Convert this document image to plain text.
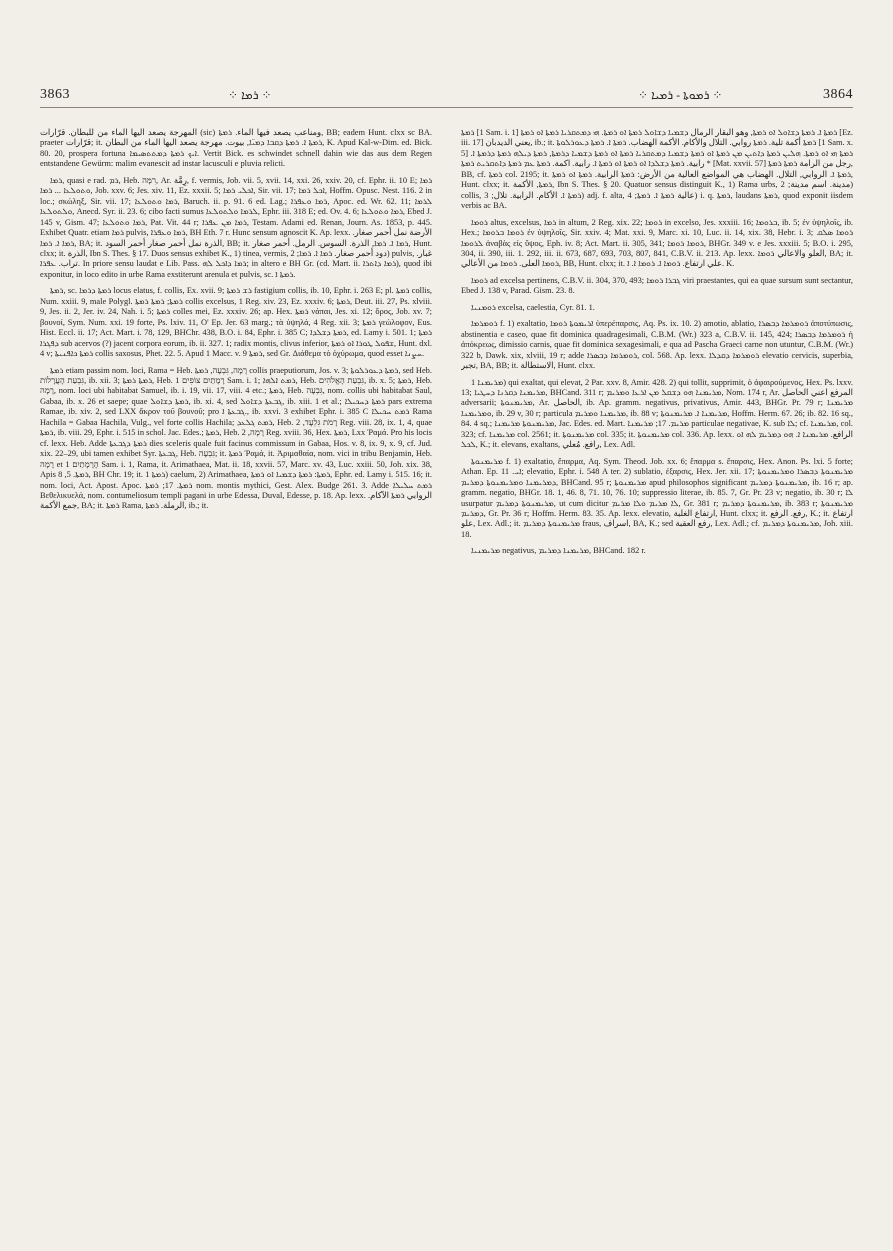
3863	⁘ ܪܡܐ ⁘	⁘ ܪܡܘܬܐ - ܪܡܝܐ ⁘	3864

المهرجة يصعد اليها الماء من للبطان. قرّارات (sic) ومناعب يصعد فيها الماء. ܪܡܬܐ, BB; eadem Hunt. clxx sc BA. praeter قرّارات; it. ܪܡܬܐ ܐ. ܪܡܬܐ ܕܩܒܐ ܕܡܝ̈ܐ, بيوت. مهرجة يصعد اليها الماء من البطان, K. Apud Kal-w-Dim. ed. Bick. 80. 20, prospera fortuna ܐܝܟ ܪܡܬܐ ܕܡܬܬܣܝܡܐ. Vertit Bick. es schwindet schnell dahin wie das aus dem Regen entstandene Gewürm: malim evanescit ad instar lacusculi e pluvia relicti.

ܪܡܐ, quasi e rad. ܪܡ, Heb. רִמָּה, Ar. رِمَّة, f. vermis, Job. vii. 5, xvii. 14, xxi. 26, xxiv. 20, cf. Ephr. ii. 10 E; ܪܡܐ ܘܬܘܠܥܐ ... ܪܡܐ, Job. xxv. 6; Jes. xiv. 11, Ez. xxxii. 5; ܐܟܠܝ ܪܡܐ, Sir. vii. 17; ܐܟܠ ܪܡܐ, Hoffm. Opusc. Nest. 116. 2 in loc.; σκώληξ, Sir. vii. 17; ܪܡܐ ܘܬܘܠܥܐ, Baruch. ii. p. 91. 6 ed. Lag.; ܪܡܐ ܘܥܦܪܐ, Apoc. ed. Wr. 62. 11; ܠܪܡܐ ܘܠܬܘܠܥܐ, Anecd. Syr. ii. 23. 6; cibo facti sumus ܠܪܡܐ ܘܠܬܘܠܥܐ, Ephr. iii. 318 E; ed. Ov. 4. 6; ܪܡܐ ܘܬܘܠܥܐ, Ebed J. 145 v, Gism. 47; ܪܡܐ ܘܬܘܠܥܐ, Pat. Vit. 44 r; ܪܡܐ ܡܢ ܥܦܪܐ, Testam. Adami ed. Renan, Journ. As. 1853, p. 445. Exhibet Quatr. etiam ܪܡܐ pulvis, ܪܡܐ ܘܥܦܪܐ, BH Eth. 7 r. Hunc sensum agnoscit K. Ap. lexx. الأرضة نمل أحمر صغار. ܪܡܐ ܐ. ܪܡܐ, BA; it. الذرة نمل أحمر صغار أحمر السود, BB; it. ܪܡܐ ܐ. ܪܡܐ, الذرة. السوس. الرمل. أحمر صغار, Hunt. clxx; it. الذرة, Ibn S. Thes. § 17. Duos sensus exhibet K., 1) tinea, vermis, دود أحمر صغار. ܪܡܐ ܐ. ܪܡܐ; 2) pulvis, غبار. تراب. ܥܦܪܐ. In priore sensu laudat e Lib. Pass. ܪܡܐ ܕܐܟܠ ܠܗ; in altero e BH Gr. (cd. Mart. ii. ܪܡܐ ܕܐܬܪܐ), quod ibi exponitur, in loco edito in urbe Rama exstiterunt arenula et pulvis, sc. ܪܡܬܐ ܐ.

ܪܡܬܐ, sc. ܪܡܬܐ ܕܪܡܐ locus elatus, f. collis, Ex. xvii. 9; ܪܫ ܪܡܬܐ fastigium collis, ib. 10, Ephr. i. 263 E; pl. ܪܡܬܐ collis, Num. xxiii. 9, male Polygl. ܪܡܬܐ; ܪܡܬܐ ܪܡܬܐ collis excelsus, 1 Reg. xiv. 23, Ez. xxxiv. 6; ܪܡܬܐ, Deut. iii. 27, Ps. xlviii. 9, Jes. ii. 2, Jer. iv. 24, Nah. i. 5; ܪܡܬܐ colles mei, Ez. xxxiv. 26; ap. Hex. ܪܡܬܐ νάπαι, Jes. xi. 12; ὄρος, Job. xv. 7; βουνοί, Sym. Num. xxi. 19 forte, Ps. lxiv. 11, O' Ep. Jer. 63 marg.; τὰ ὑψηλά, 4 Reg. xii. 3; ܪܡܬܐ γεώλοφον, Eus. Hist. Eccl. ii. 17; Act. Mart. i. 78, 129, BHChr. 438, B.O. i. 84, Ephr. i. 385 C; ܪܡܬܐ ܕܫܠܕܐ, ed. Lamy i. 501. 1; ܪܡܬܐ ܕܦܓܪܐ sub acervos (?) jacent corpora eorum, ib. ii. 327. 1; radix montis, clivus inferior, ܫܦܘܠ ܛܘܪܐ ܐܘ ܪܡܬܐ, Hunt. dxl. 4 v; ܪܡܬܐ ܟܐܦܢܝܬܐ collis saxosus, Phet. 22. 5. Apud 1 Macc. v. 9 ܪܡܬܐ, sed Gr. Διάθεμα τὸ ὀχύρωμα, quod esset ܚܨܢܐ.

ܪܡܬܐ etiam passim nom. loci, Rama = Heb. רָמָה, גִּבְעָה, ܪܡܬܐ collis praeputiorum, Jos. v. 3; ܪܡܬܐ ܕܥܘܪܠܘܬܐ, sed Heb. גִּבְעַת הָעֲרָלוֹת, ib. xii. 3; ܪܡܬܐ ܪܡܬܐ, Heb. רָמָתַיִם צוֹפִים 1 Sam. i. 1; ܪܡܬ ܐܠܗܐ, Heb. גִּבְעַת הָאֱלֹהִים, ib. x. 5; ܪܡܬܐ, Heb. רָמָה, nom. loci ubi habitabat Samuel, ib. i. 19, vii. 17, viii. 4 etc.; ܪܡܬܐ, Heb. גִּבְעָה, nom. collis ubi habitabat Saul, Gabaa, ib. x. 26 et saepe; quae ܪܡܬܐ ܕܫܐܘܠ, ib. xi. 4, sed ܓܒܥܬܐ ܕܫܐܘܠ, ib. xiii. 1 et al.; ܪܡܬܐ ܕܚܟܝܠܐ pars extrema Ramae, ib. xiv. 2, sed LXX ἄκρον τοῦ βουνοῦ; pro ܓܒܥܬܐ ܐ., ib. xxvi. 3 exhibet Ephr. i. 385 C ܪܡܬ ܚܟܝܠܐ Rama Hachila = Gabaa Hachila, Vulg., vel forte collis Hachila; ܪܡܬ ܓܠܥܕ, Heb. רָמֹת גִּלְעָד, 2 Reg. viii. 28, ix. 1, 4, quae ܪܡܬܐ, ib. viii. 29, Ephr. i. 515 in schol. Jac. Edes.; ܪܡܬܐ, Heb. רָמָה, 2 Reg. xviii. 36, Hex. ܪܡܬܐ, Lxx Ῥαμά. Pro his locis cf. lexx. Heb. Adde ܪܡܬܐ ܕܓܒܥܬܐ dies sceleris quale fuit facinus commissum in Gabaa, Hos. v. 8, ix. 9, x. 9, cf. Jud. xix. 22–29, ubi tamen exhibet Syr. ܓܒܥܬܐ, Heb. גִּבְעָה; it. ܪܡܬܐ Ῥαμά, it. Ἀριμαθαία, nom. vici in tribu Benjamin, Heb. רָמָה et הָרָמָתַיִם 1 Sam. i. 1, Rama, it. Arimathaea, Mat. ii. 18, xxvii. 57, Marc. xv. 43, Luc. xxiii. 50, Joh. xix. 38, Apis ܪܡܬܐ. 5, 8, BH Chr. 19; it. ܪܡܬܐ 1) caelum, 2) Arimathaea, ܪܡܬܐ: ܪܡܬܐ ܕܫܡܝܐ ܐܘ ܪܡܬܐ, Ephr. ed. Lamy i. 515. 16; it. nom. loci, Act. Apost. Apoc. ܪܡܬܐ. 17; ܪܡܬܐ nom. montis mythici, Gest. Alex. Budge 261. 3. Adde ܪܡܬ ܚܠܝܠܐ Βεθελικυελά, nom. contumeliosum templi pagani in urbe Edessa, Duval, Edesse, p. 18. Ap. lexx. الروابي ܪܡܬܐ الآكام. جمع الأكمة, BA; it. ܪܡܬܐ Rama, الرملة. ܪܡܬܐ, ib.; it.

ܪܡܬܐ [1 Sam. i. 1] ܪܡܬܐ ܐ. ܪܡܬܐ ܕܫܐܘܠ ܐܘ ܪܡܬܐ, وهو البقار الرمال ܕܫܡܝܐ ܕܫܐܘܠ ܪܡܬܐ ܐܘ ܪܡܬܐ. ܗܝ ܕܡܬܩܪܝܐ ܪܡܬܐ ܐܘ ܪܡܬܐ [Ez. iii. 17] يعني الديدبان, ib.; it. ܪܡܬܐ أكمة تلية. ܪܡܬܐ روابي. التلال والأكام. الأكمة الهضاب. ܪܡܬܐ ܐ. ܪܡܬܐ ܕܥܘܪܠܘܬܐ [1 Sam. x. 5] ܪܡܬܐ ܗܝ ܐܘ ܪܡܬܐ. ܗܠܝܢ ܪܡܬܐ ܕܐܬܝܢ ܡܢ ܪܡܬܐ ܐܘ ܪܡܬܐ ܕܫܡܝܐ ܕܡܬܩܪܝܐ ܪܡܬܐ ܐܘ ܪܡܬܐ ܕܫܡܝܐ ܕܪܡܬܐ, ܪܡܬܐ ܕܝܠܗ ܪܡܬܐ ܕܪܡܬܐ ܐ. رابية. ܪܡܬܐ ܕܫܠܕܐ ܐܘ ܪܡܬܐ ܐܘ ܪܡܬܐ ܐ. رابية. اكمة. ܪܡܬܐ ܥܡ ܪܡܬܐ ܕܐܬܩܪܝܬ ܪܡܬܐ * [Mat. xxvii. 57] رجل من الرامة ܪܡܬܐ ܪܡܬܐ, BB, cf. ܪܡܬܐ col. 2195; it. ܪܡܬܐ ܐ. الروابي, التلال. الهضاب هي المواضع العالية من الأرض: ܪܡܬܐ الرابية. ܪܡܬܐ ܐܘ ܪܡܬܐ, Hunt. clxx; it. ܪܡܬܐ, الأكمة, Ibn S. Thes. § 20. Quatuor sensus distinguit K., 1) Rama urbs, مدينة. اسم مدينة; 2) collis, ܪܡܬܐ ܐ. الأكام. الرابية. تلال; 3) adj. f. alta, عالية ܪܡܬܐ ܐ. ܪܡܬܐ; 4) i. q. ܪܡܬܐ, laudans ܪܡܬܐ, quod exponit iisdem verbis ac BA.

ܪܘܡܐ altus, excelsus, ܪܡܐ in altum, 2 Reg. xix. 22; ܪܘܡܐ in excelso, Jes. xxxiii. 16; ܒܪܘܡܐ, ib. 5; ἐν ὑψηλοῖς, ib. Hex.; ܪܘܡܐ ܒܪܘܡܐ ἐν ὑψηλοῖς, Sir. xxiv. 4; Mat. xxi. 9, Marc. xi. 10, Luc. ii. 14, xix. 38, Hebr. i. 3; ܪܘܡܐ ܣܠܩ ܠܪܘܡܐ ἀναβὰς εἰς ὕψος, Eph. iv. 8; Act. Mart. ii. 305, 341; ܪܘܡܐ ܪܘܡܐ, BHGr. 349 v. e Jes. xxxiii. 5; B.O. i. 295, 304, ii. 390, iii. 1. 292, iii. ii. 673, 687, 693, 703, 807, 841, C.B.V. ii. 213. Ap. lexx. العلو والاعالي ܪܘܡܐ, BA; it. ܪܘܡܐ العلى. ܪܘܡܐ من الأعالي, BB, Hunt. clxx; it. علي ارتفاع. ܪܘܡܐ ܐ. ܪܘܡܐ ܐ. ܐ. K.

ܪܘܡܐ ad excelsa pertinens, C.B.V. ii. 304, 370, 493; ܓܒܪܐ ܪܘܡܐ viri praestantes, qui ea quae sursum sunt sectantur, Ebed J. 138 v, Parad. Gism. 23. 8.

ܪܘܡܢܝܐ excelsa, caelestia, Cyr. 81. 1.

ܪܘܡܪܡܐ f. 1) exaltatio, ܐܪܝܡܘܬܐ ܪܘܡܐ ὑπερέπαρσις, Aq. Ps. ix. 10. 2) amotio, ablatio, ܪܘܡܪܡܐ ܕܒܣܪܐ ἀποτύπωσις, abstinentia e caseo, quae fit dominica quadragesimali, C.B.M. (Wr.) 323 a, C.B.V. ii. 145, 424; ܪܘܡܪܡܐ ܕܒܣܪܐ ἡ ἀπόκρεως, dimissio carnis, quae fit dominica sexagesimali, e qua ad Pascha Graeci carne non utuntur, C.B.M. (Wr.) 322 b, Dawk. xix, xlviii, 19 r; adde ܪܘܡܪܡܐ ܕܒܣܪܐ, col. 568. Ap. lexx. ܪܘܡܪܡܐ ܕܩܕܠܐ elevatio cervicis, superbia, تجبر, BA, BB; it. الاستطالة, Hunt. clxx.

ܡܪܝܡܢܐ 1) qui exaltat, qui elevat, 2 Par. xxv. 8, Amir. 428. 2) qui tollit, supprimit, ὁ ἀφαιρούμενος, Hex. Ps. lxxv. 13; ܡܪܝܡܢܐ ܕܩܪܢܐ ܕܚܛܝܐ, BHCand. 311 r; ܡܪܝܡܢܐ ܗܘ ܕܫܩܠ ܡܢ ܐܪܥܐ ܘܡܪܝܡ, Nom. 174 r, Ar. المرفع اعني الحاصل adversarii; ܡܪܝܡܢܘܬܐ, Ar. الحاصل, ib. Ap. gramm. negativus, privativus, Amir. 443, BHGr. Pr. 79 r; ܡܪܝܡܢܐ ܘܡܪܝܡܢܐ, ib. 29 v, 30 r; particula ܡܪܝܡܢܐ ܘܡܪܝܡ, ib. 88 v; ܡܪܝܡܢܐ ܐ. ܡܪܝܡܢܘܬܐ, Hoffm. Herm. 67. 26; ib. 82. 16 sq., 84. 4 sq.; ܡܪܝܡܢܘܬܐ ܡܪܝܡܢܐ, Jac. Edes. ed. Mart. ܡܪܝܡ. 17; ܡܪܝܡܢܐ particulae negativae, K. sub ܠܐ; cf. ܡܪܝܡܢܐ, col. 323; cf. ܡܪܝܡܢܐ col. 2561; it. ܡܪܝܡܢܘܬܐ col. 335; it. ܡܪܝܡܢܘܬܐ col. 336. Ap. lexx. الرافع. ܡܪܝܡܢܐ ܐ. ܗܘ ܕܡܪܝܡ ܠܗ ܐܘ ܠܟܠ, K.; it. elevans, exaltans, رافع. مُعلي, Lex. Adl.

ܡܪܝܡܢܘܬܐ f. 1) exaltatio, ἔπαρμα, Aq. Sym. Theod. Job. xx. 6; ἔπαρμα s. ἔπαρσις, Hex. Anon. Ps. lxi. 5 forte; Athan. Ep. ܐܝ. 11; elevatio, Ephr. i. 548 A ter. 2) sublatio, ἐξαρσις, Hex. Jer. xii. 17; ܡܪܝܡܢܘܬܐ ܕܒܣܪܐ ܘܡܪܝܡܢܘܬܐ ܕܡܪܝܡܢܐ ܘܡܪܝܡܢܘܬܐ ܕܡܪܝܡ, BHCand. 95 r; ܡܪܝܡܢܘܬܐ apud philosophos significant ܡܪܝܡܢܘܬܐ ܕܡܪܝܡ, ib. 16 r; ap. gramm. negatio, BHGr. 18. 1, 46. 8, 71. 10, 76. 10; suppressio literae, ib. 85. 7, Gr. Pr. 23 v; negatio, ib. 30 r; ܠܐ usurpatur ܡܪܝܡܢܘܬܐ ܕܡܪܝܡ, ut cum dicitur ܠܐ ܡܪܝܡ ܘܠܐ ܡܪܝܡ, Gr. 381 r; ܡܪܝܡܢܘܬܐ ܕܡܪܝܡ, ib. 383 r; ܡܪܝܡܢܘܬܐ ܕܡܪܝܡ, Gr. Pr. 36 r; Hoffm. Herm. 83. 35. Ap. lexx. elevatio, ارتفاع الغلبة, Hunt. clxx; it. رفع. الرفع, K.; it. ارتفاع علو, Lex. Adl.; it. ܡܪܝܡܢܘܬܐ ܕܡܪܝܡ fraus, اسراف, BA, K.; sed رفع العقبة, Lex. Adl.; cf. ܡܪܝܡܢܘܬܐ ܕܡܪܝܡ, Joh. xiii. 18.

ܡܪܝܡܢܝܐ negativus, ܡܪܝܡܢܐ ܕܡܪܝܡ, BHCand. 182 r.
